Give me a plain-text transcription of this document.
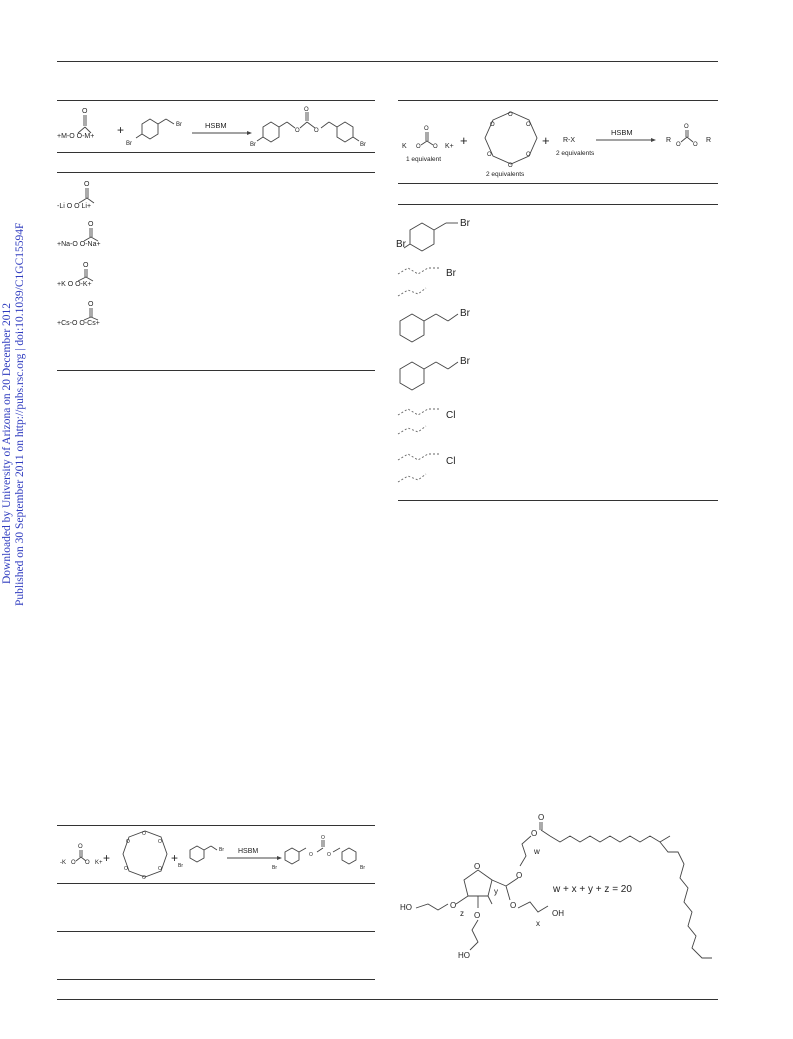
Downloaded by University of Arizona on 20 December 2012 Published on 30 September 2011 on http://pubs.rsc.org | doi:10.1039/C1GC15594F
+M-O O-M+
O
+	Br
Br
HSBM
Br
O
O O
Br
-Li O O Li+
O
+Na-O O-Na+
O
+K O O-K+
O
+Cs-O O-Cs+
O
K O O K+
O
1 equivalent
+
O
O
O
O
O
O
2 equivalents
+ R-X
2 equivalents
HSBM
R
O O
R
O
Br
Br
Br
Br
Br
Cl
Cl
-K O O K+
O
+
O
O
O
O
O
O
+
Br
Br
HSBM
Br
O
O
O
Br
O
O
w
O
O
O
x
OH
y
O
z
HO
O
HO
w + x + y + z = 20
